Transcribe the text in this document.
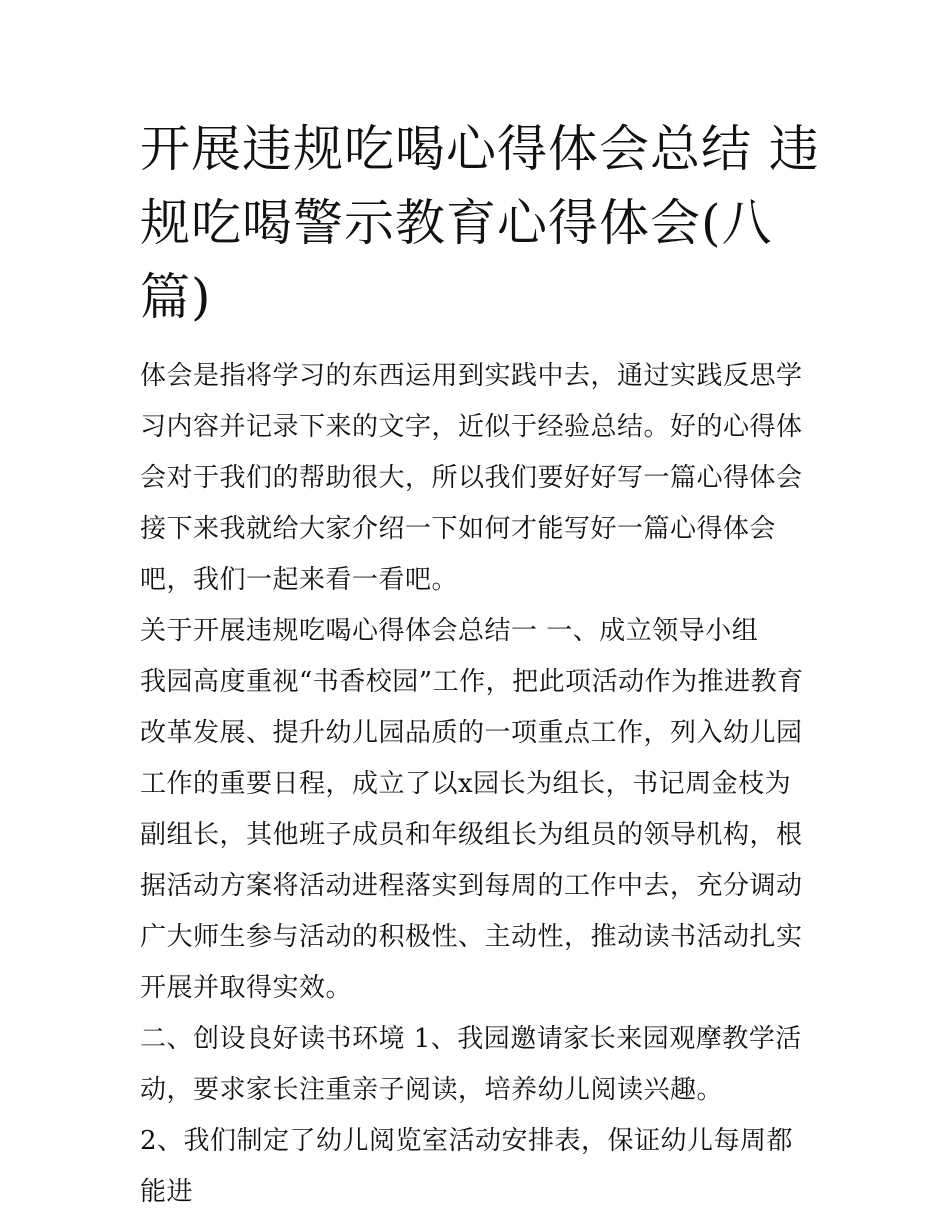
开展违规吃喝心得体会总结 违规吃喝警示教育心得体会(八篇)

体会是指将学习的东西运用到实践中去，通过实践反思学习内容并记录下来的文字，近似于经验总结。好的心得体会对于我们的帮助很大，所以我们要好好写一篇心得体会接下来我就给大家介绍一下如何才能写好一篇心得体会吧，我们一起来看一看吧。

关于开展违规吃喝心得体会总结一 一、成立领导小组

我园高度重视“书香校园”工作，把此项活动作为推进教育改革发展、提升幼儿园品质的一项重点工作，列入幼儿园工作的重要日程，成立了以x园长为组长，书记周金枝为副组长，其他班子成员和年级组长为组员的领导机构，根据活动方案将活动进程落实到每周的工作中去，充分调动广大师生参与活动的积极性、主动性，推动读书活动扎实开展并取得实效。

二、创设良好读书环境 1、我园邀请家长来园观摩教学活动，要求家长注重亲子阅读，培养幼儿阅读兴趣。

2、我们制定了幼儿阅览室活动安排表，保证幼儿每周都能进
